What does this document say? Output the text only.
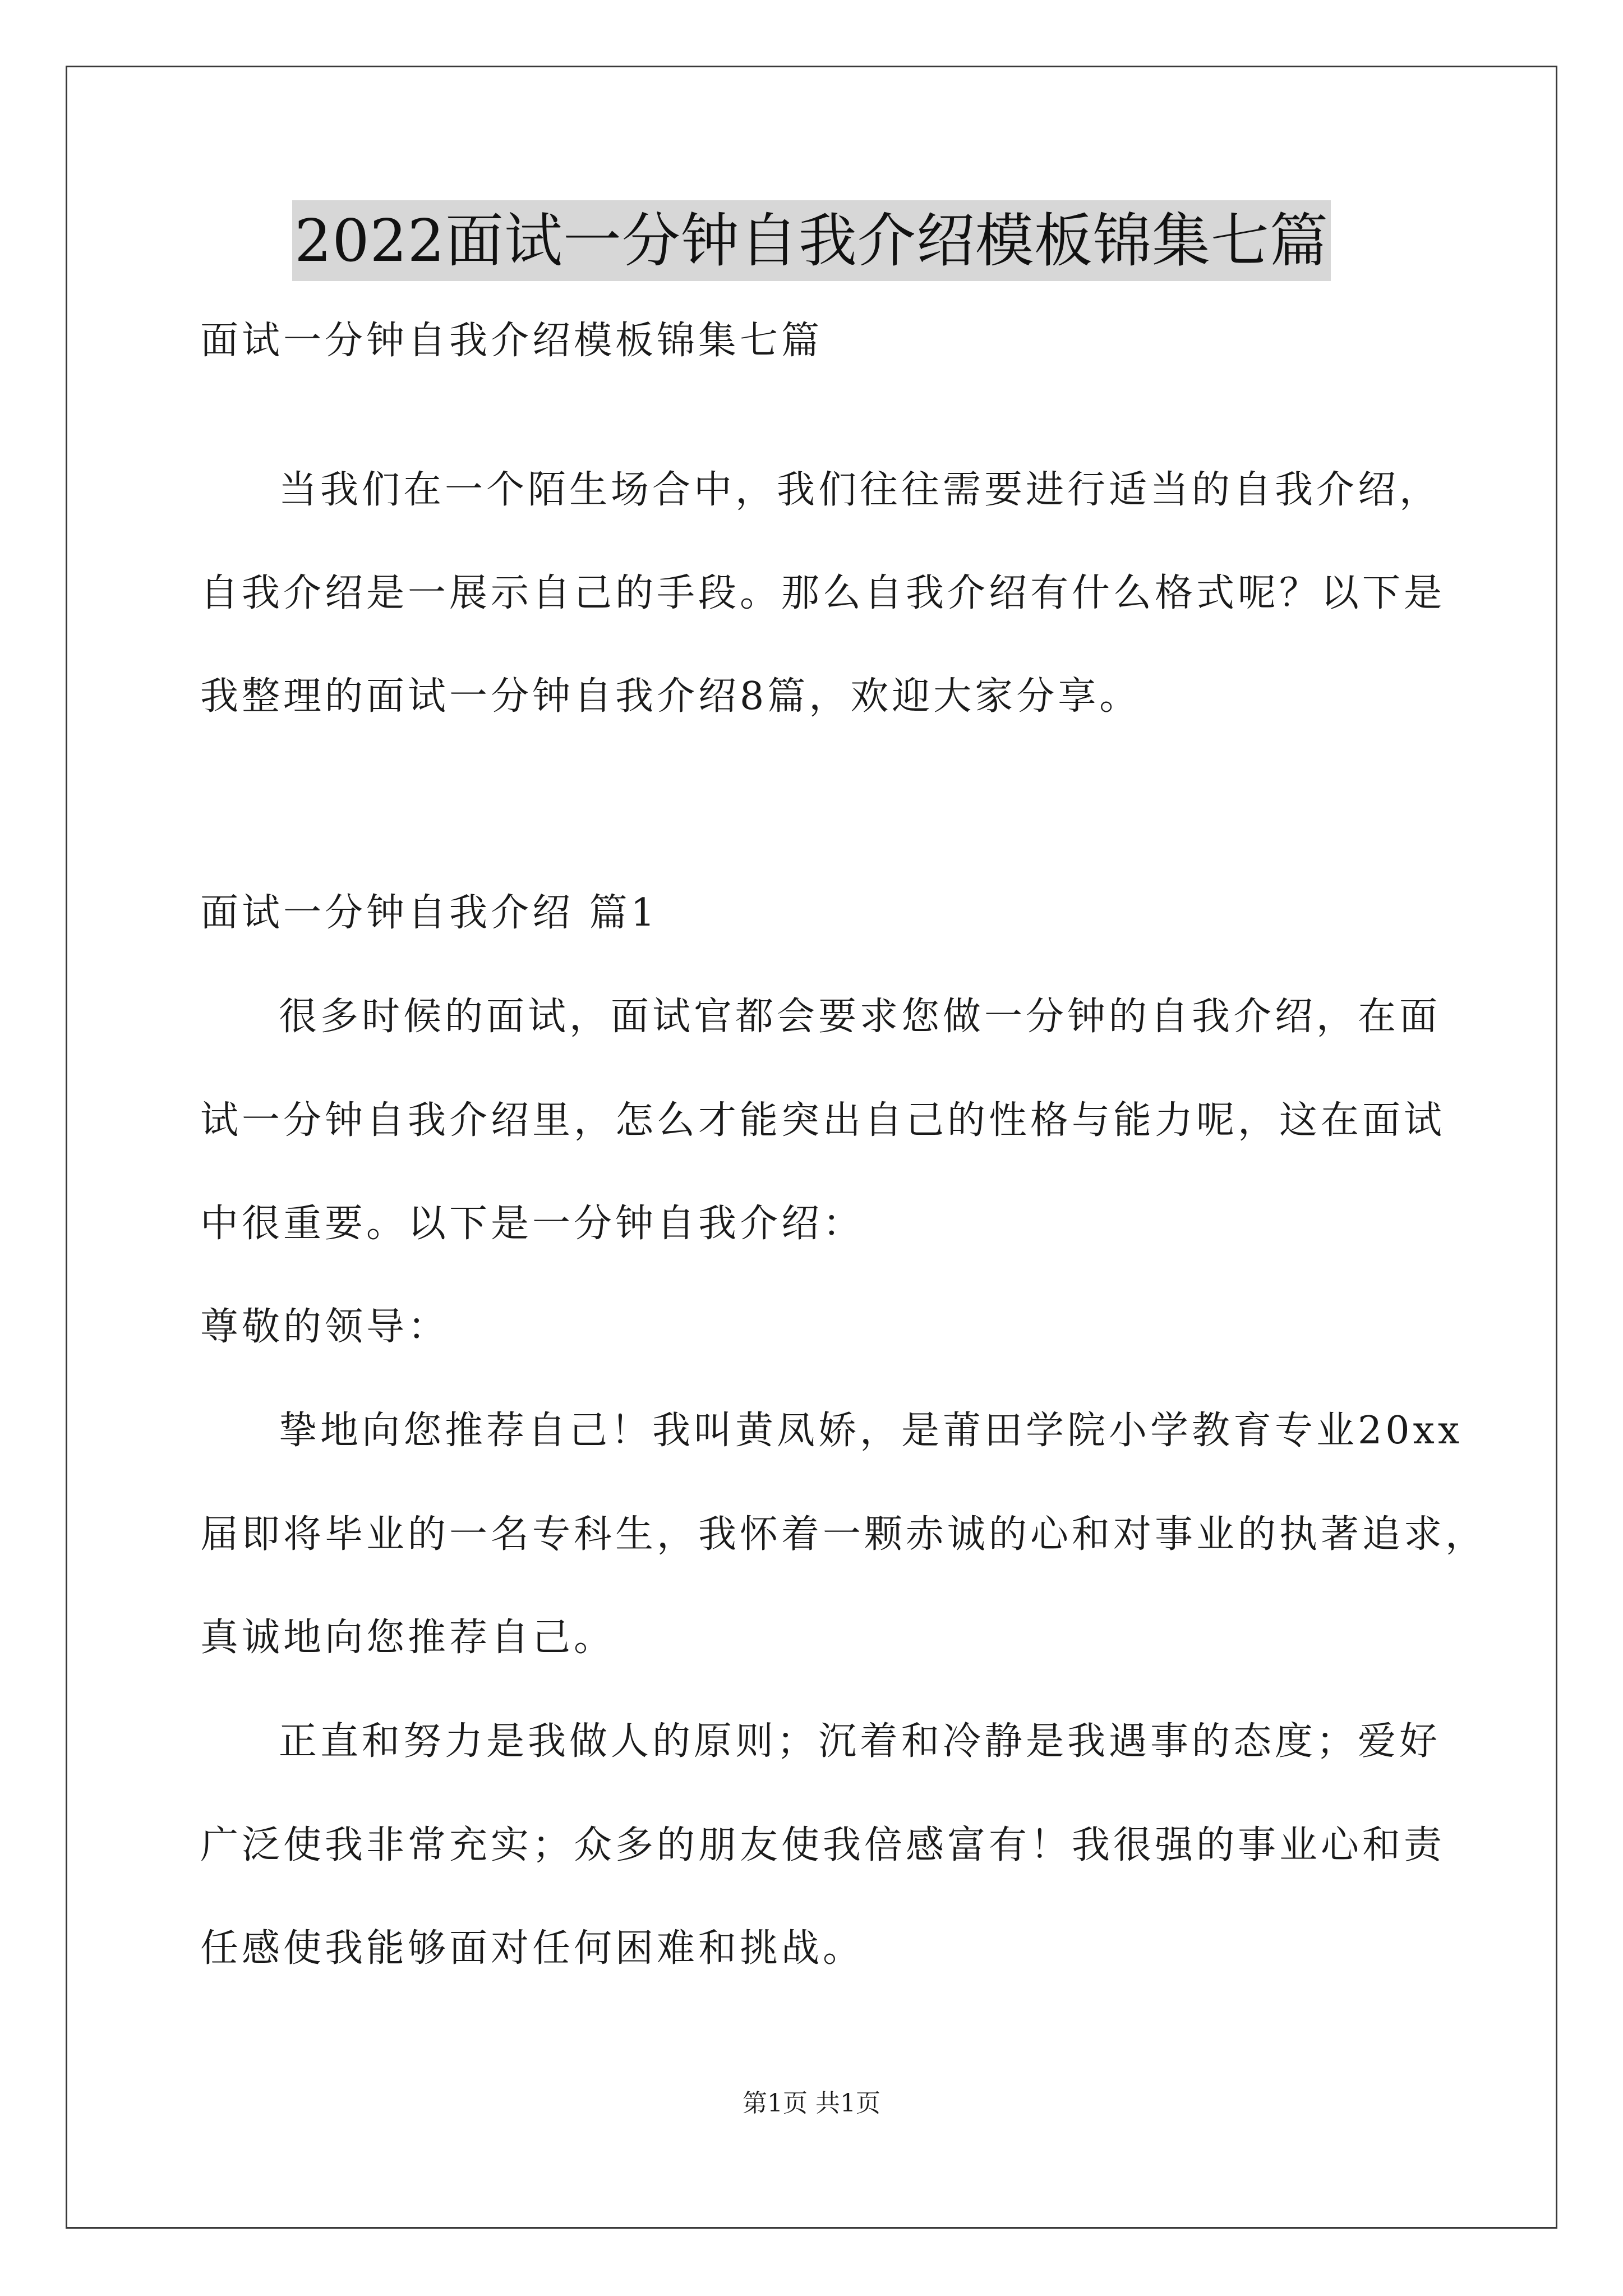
2022面试一分钟自我介绍模板锦集七篇
面试一分钟自我介绍模板锦集七篇
当我们在一个陌生场合中，我们往往需要进行适当的自我介绍，
自我介绍是一展示自己的手段。那么自我介绍有什么格式呢？以下是
我整理的面试一分钟自我介绍8篇，欢迎大家分享。
面试一分钟自我介绍 篇1
很多时候的面试，面试官都会要求您做一分钟的自我介绍，在面
试一分钟自我介绍里，怎么才能突出自己的性格与能力呢，这在面试
中很重要。以下是一分钟自我介绍：
尊敬的领导：
挚地向您推荐自己！我叫黄凤娇，是莆田学院小学教育专业20xx
届即将毕业的一名专科生，我怀着一颗赤诚的心和对事业的执著追求，
真诚地向您推荐自己。
正直和努力是我做人的原则；沉着和冷静是我遇事的态度；爱好
广泛使我非常充实；众多的朋友使我倍感富有！我很强的事业心和责
任感使我能够面对任何困难和挑战。
第1页 共1页
